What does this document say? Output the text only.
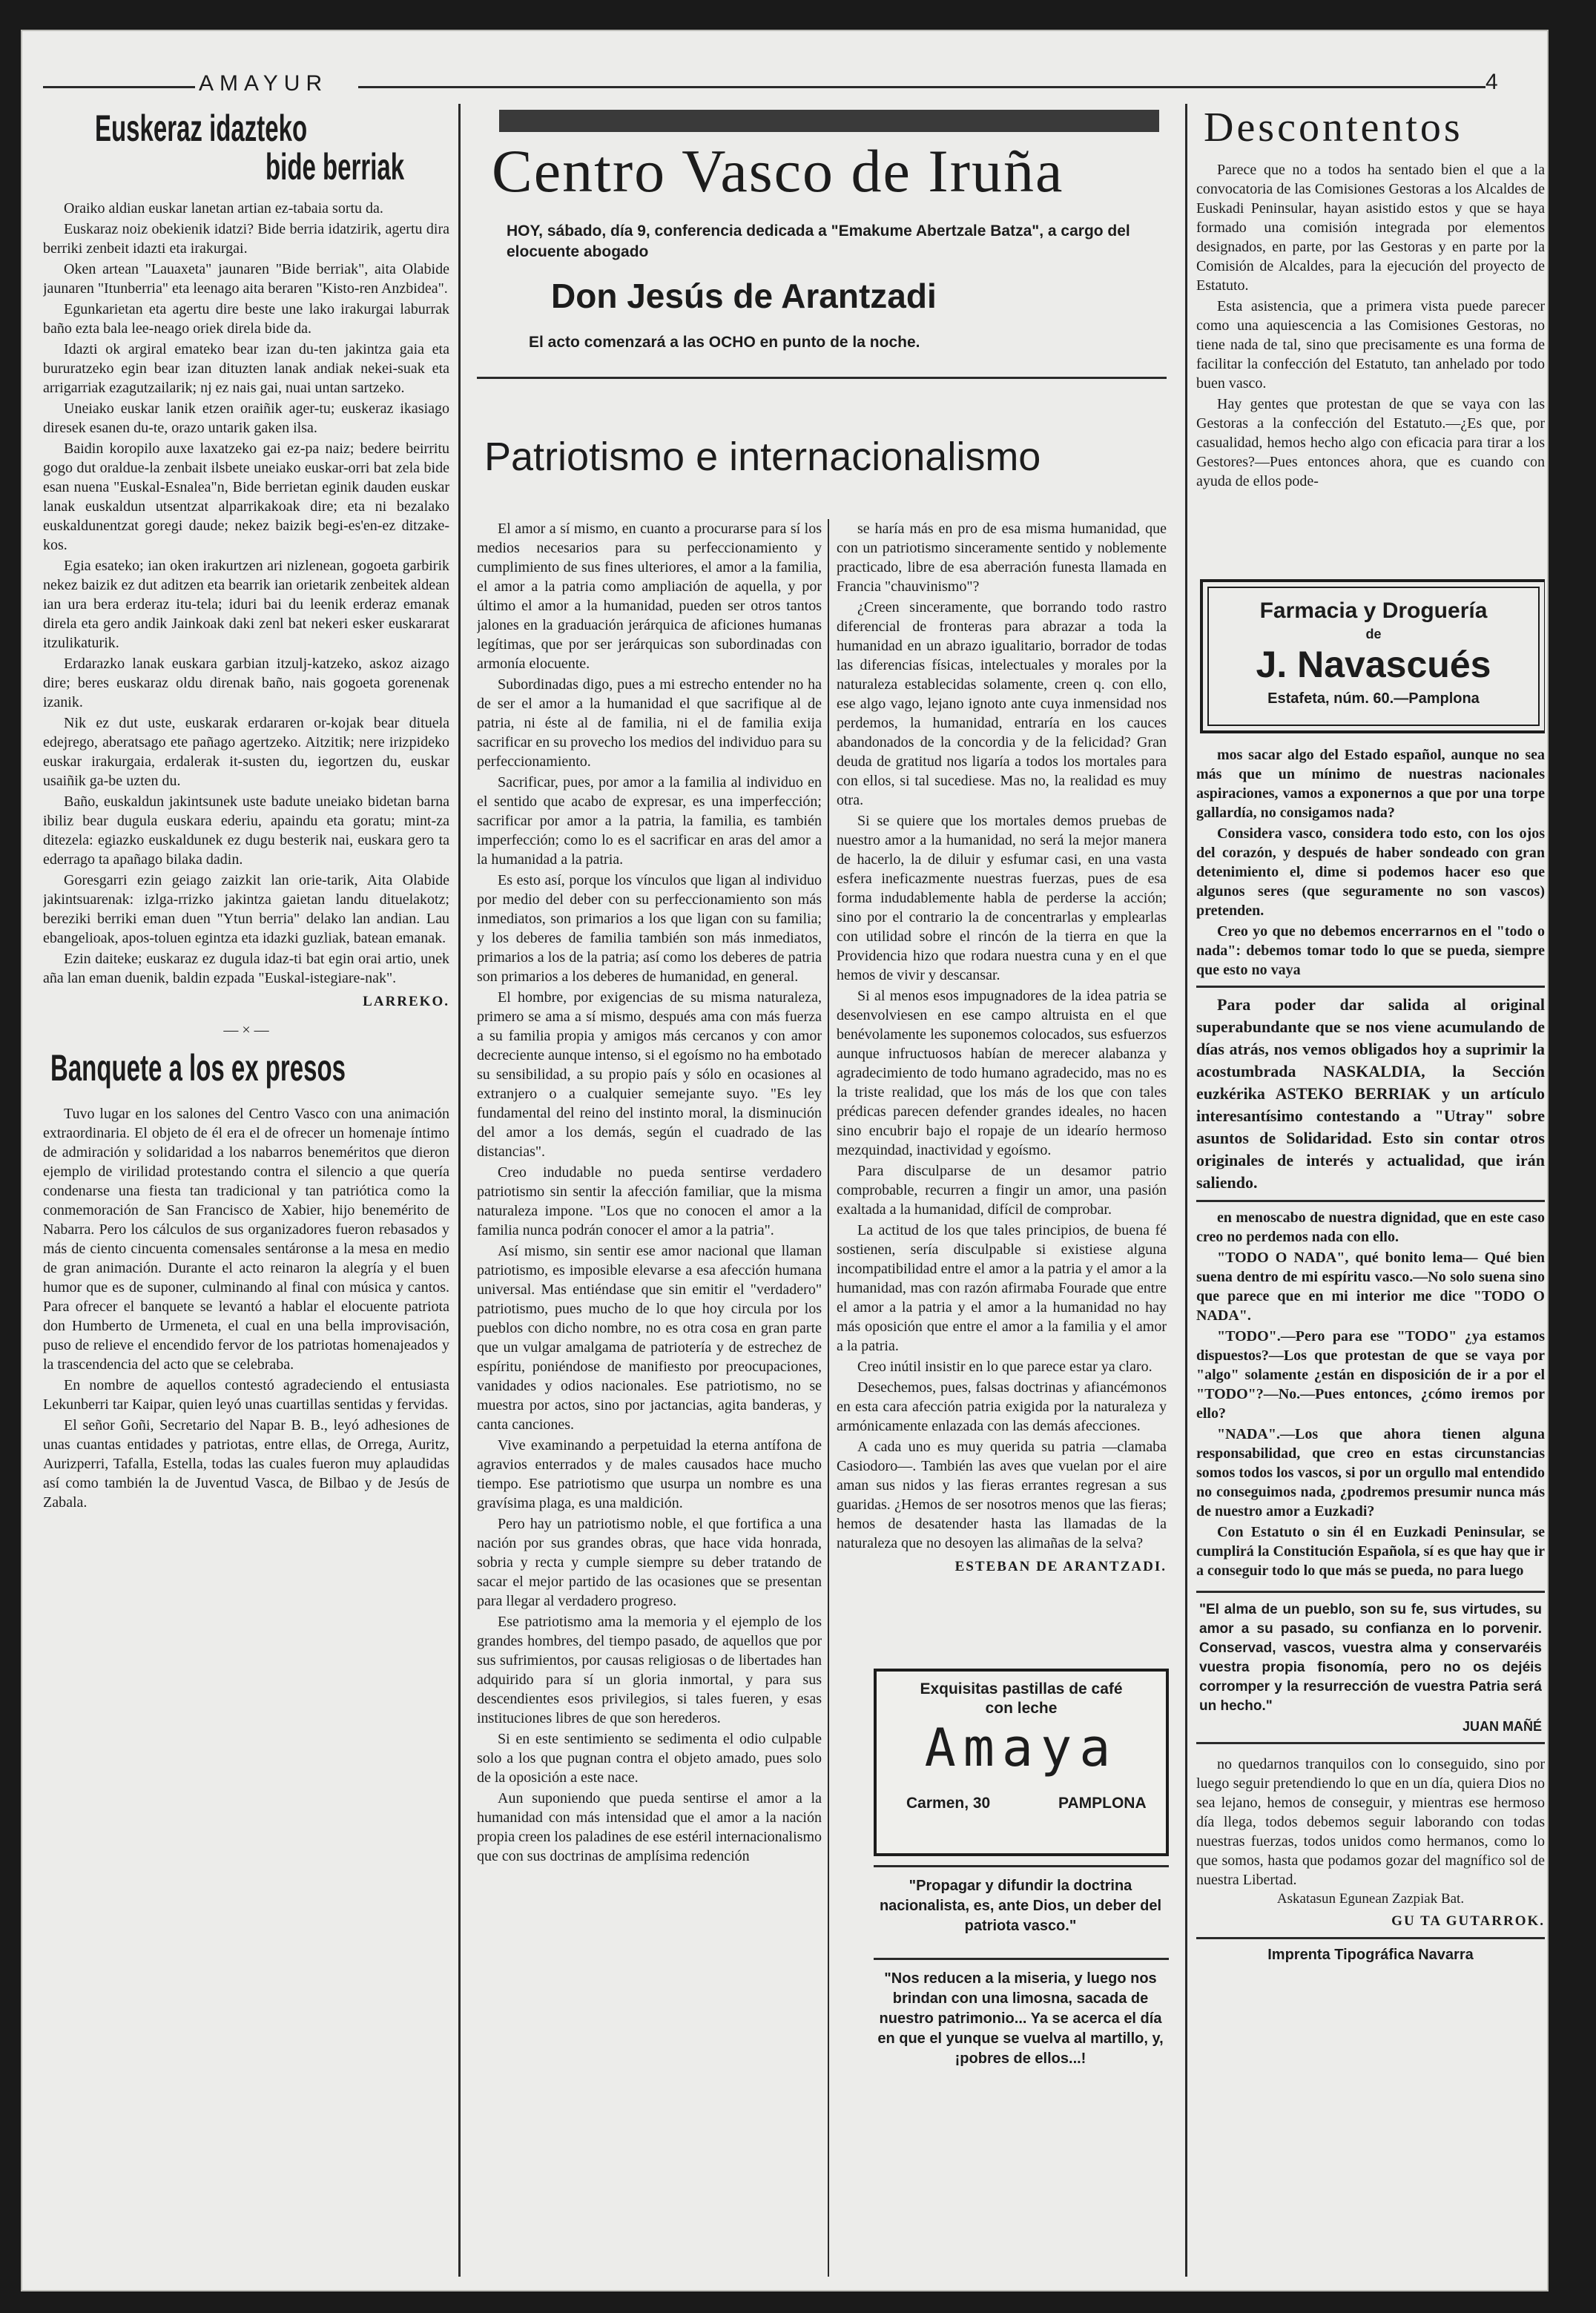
AMAYUR	4
Euskeraz idazteko
bide berriak

Oraiko aldian euskar lanetan artian ez-tabaia sortu da.

Euskaraz noiz obekienik idatzi? Bide berria idatzirik, agertu dira berriki zenbeit idazti eta irakurgai.

Oken artean "Lauaxeta" jaunaren "Bide berriak", aita Olabide jaunaren "Itunberria" eta leenago aita beraren "Kisto-ren Anzbidea".

Egunkarietan eta agertu dire beste une lako irakurgai laburrak baño ezta bala lee-neago oriek direla bide da.

Idazti ok argiral emateko bear izan du-ten jakintza gaia eta bururatzeko egin bear izan dituzten lanak andiak nekei-suak eta arrigarriak ezagutzailarik; nj ez nais gai, nuai untan sartzeko.

Uneiako euskar lanik etzen oraiñik ager-tu; euskeraz ikasiago diresek esanen du-te, orazo untarik gaken ilsa.

Baidin koropilo auxe laxatzeko gai ez-pa naiz; bedere beirritu gogo dut oraldue-la zenbait ilsbete uneiako euskar-orri bat zela bide esan nuena "Euskal-Esnalea"n, Bide berrietan eginik dauden euskar lanak euskaldun utsentzat alparrikakoak dire; eta ni bezalako euskaldunentzat goregi daude; nekez baizik begi-es'en-ez ditzake-kos.

Egia esateko; ian oken irakurtzen ari nizlenean, gogoeta garbirik nekez baizik ez dut aditzen eta bearrik ian orietarik zenbeitek aldean ian ura bera erderaz itu-tela; iduri bai du leenik erderaz emanak direla eta gero andik Jainkoak daki zenl bat nekeri esker euskararat itzulikaturik.

Erdarazko lanak euskara garbian itzulj-katzeko, askoz aizago dire; beres euskaraz oldu direnak baño, nais gogoeta gorenenak izanik.

Nik ez dut uste, euskarak erdararen or-kojak bear dituela edejrego, aberatsago ete pañago agertzeko. Aitzitik; nere irizpideko euskar irakurgaia, erdalerak it-susten du, iegortzen du, euskar usaiñik ga-be uzten du.

Baño, euskaldun jakintsunek uste badute uneiako bidetan barna ibiliz bear dugula euskara ederiu, apaindu eta goratu; mint-za ditezela: egiazko euskaldunek ez dugu besterik nai, euskara gero ta ederrago ta apañago bilaka dadin.

Goresgarri ezin geiago zaizkit lan orie-tarik, Aita Olabide jakintsuarenak: izlga-rrizko jakintza gaietan landu dituelakotz; bereziki berriki eman duen "Ytun berria" delako lan andian. Lau ebangelioak, apos-toluen egintza eta idazki guzliak, batean emanak.

Ezin daiteke; euskaraz ez dugula idaz-ti bat egin orai artio, unek aña lan eman duenik, baldin ezpada "Euskal-istegiare-nak".

LARREKO.
— × —
Banquete a los ex presos

Tuvo lugar en los salones del Centro Vasco con una animación extraordinaria. El objeto de él era el de ofrecer un homenaje íntimo de admiración y solidaridad a los nabarros beneméritos que dieron ejemplo de virilidad protestando contra el silencio a que quería condenarse una fiesta tan tradicional y tan patriótica como la conmemoración de San Francisco de Xabier, hijo benemérito de Nabarra. Pero los cálculos de sus organizadores fueron rebasados y más de ciento cincuenta comensales sentáronse a la mesa en medio de gran animación. Durante el acto reinaron la alegría y el buen humor que es de suponer, culminando al final con música y cantos. Para ofrecer el banquete se levantó a hablar el elocuente patriota don Humberto de Urmeneta, el cual en una bella improvisación, puso de relieve el encendido fervor de los patriotas homenajeados y la trascendencia del acto que se celebraba.

En nombre de aquellos contestó agradeciendo el entusiasta Lekunberri tar Kaipar, quien leyó unas cuartillas sentidas y fervidas.

El señor Goñi, Secretario del Napar B. B., leyó adhesiones de unas cuantas entidades y patriotas, entre ellas, de Orrega, Auritz, Aurizperri, Tafalla, Estella, todas las cuales fueron muy aplaudidas así como también la de Juventud Vasca, de Bilbao y de Jesús de Zabala.

Centro Vasco de Iruña
HOY, sábado, día 9, conferencia dedicada a "Emakume Abertzale Batza", a cargo del elocuente abogado
Don Jesús de Arantzadi
El acto comenzará a las OCHO en punto de la noche.
Patriotismo e internacionalismo

El amor a sí mismo, en cuanto a procurarse para sí los medios necesarios para su perfeccionamiento y cumplimiento de sus fines ulteriores, el amor a la familia, el amor a la patria como ampliación de aquella, y por último el amor a la humanidad, pueden ser otros tantos jalones en la graduación jerárquica de aficiones humanas legítimas, que por ser jerárquicas son subordinadas con armonía elocuente.

Subordinadas digo, pues a mi estrecho entender no ha de ser el amor a la humanidad el que sacrifique al de patria, ni éste al de familia, ni el de familia exija sacrificar en su provecho los medios del individuo para su perfeccionamiento.

Sacrificar, pues, por amor a la familia al individuo en el sentido que acabo de expresar, es una imperfección; sacrificar por amor a la patria, la familia, es también imperfección; como lo es el sacrificar en aras del amor a la humanidad a la patria.

Es esto así, porque los vínculos que ligan al individuo por medio del deber con su perfeccionamiento son más inmediatos, son primarios a los que ligan con su familia; y los deberes de familia también son más inmediatos, primarios a los de la patria; así como los deberes de patria son primarios a los deberes de humanidad, en general.

El hombre, por exigencias de su misma naturaleza, primero se ama a sí mismo, después ama con más fuerza a su familia propia y amigos más cercanos y con amor decreciente aunque intenso, si el egoísmo no ha embotado su sensibilidad, a su propio país y sólo en ocasiones al extranjero o a cualquier semejante suyo. "Es ley fundamental del reino del instinto moral, la disminución del amor a los demás, según el cuadrado de las distancias".

Creo indudable no pueda sentirse verdadero patriotismo sin sentir la afección familiar, que la misma naturaleza impone. "Los que no conocen el amor a la familia nunca podrán conocer el amor a la patria".

Así mismo, sin sentir ese amor nacional que llaman patriotismo, es imposible elevarse a esa afección humana universal. Mas entiéndase que sin emitir el "verdadero" patriotismo, pues mucho de lo que hoy circula por los pueblos con dicho nombre, no es otra cosa en gran parte que un vulgar amalgama de patriotería y de estrechez de espíritu, poniéndose de manifiesto por preocupaciones, vanidades y odios nacionales. Ese patriotismo, no se muestra por actos, sino por jactancias, agita banderas, y canta canciones.

Vive examinando a perpetuidad la eterna antífona de agravios enterrados y de males causados hace mucho tiempo. Ese patriotismo que usurpa un nombre es una gravísima plaga, es una maldición.

Pero hay un patriotismo noble, el que fortifica a una nación por sus grandes obras, que hace vida honrada, sobria y recta y cumple siempre su deber tratando de sacar el mejor partido de las ocasiones que se presentan para llegar al verdadero progreso.

Ese patriotismo ama la memoria y el ejemplo de los grandes hombres, del tiempo pasado, de aquellos que por sus sufrimientos, por causas religiosas o de libertades han adquirido para sí un gloria inmortal, y para sus descendientes esos privilegios, si tales fueren, y esas instituciones libres de que son herederos.

Si en este sentimiento se sedimenta el odio culpable solo a los que pugnan contra el objeto amado, pues solo de la oposición a este nace.

Aun suponiendo que pueda sentirse el amor a la humanidad con más intensidad que el amor a la nación propia creen los paladines de ese estéril internacionalismo que con sus doctrinas de amplísima redención

se haría más en pro de esa misma humanidad, que con un patriotismo sinceramente sentido y noblemente practicado, libre de esa aberración funesta llamada en Francia "chauvinismo"?

¿Creen sinceramente, que borrando todo rastro diferencial de fronteras para abrazar a toda la humanidad en un abrazo igualitario, borrador de todas las diferencias físicas, intelectuales y morales por la naturaleza establecidas solamente, creen q. con ello, ese algo vago, lejano ignoto ante cuya inmensidad nos perdemos, la humanidad, entraría en los cauces abandonados de la concordia y de la felicidad? Gran deuda de gratitud nos ligaría a todos los mortales para con ellos, si tal sucediese. Mas no, la realidad es muy otra.

Si se quiere que los mortales demos pruebas de nuestro amor a la humanidad, no será la mejor manera de hacerlo, la de diluir y esfumar casi, en una vasta esfera ineficazmente nuestras fuerzas, pues de esa forma indudablemente habla de perderse la acción; sino por el contrario la de concentrarlas y emplearlas con utilidad sobre el rincón de la tierra en que la Providencia hizo que rodara nuestra cuna y en el que hemos de vivir y descansar.

Si al menos esos impugnadores de la idea patria se desenvolviesen en ese campo altruista en el que benévolamente les suponemos colocados, sus esfuerzos aunque infructuosos habían de merecer alabanza y agradecimiento de todo humano agradecido, mas no es la triste realidad, que los más de los que con tales prédicas parecen defender grandes ideales, no hacen sino encubrir bajo el ropaje de un idearío hermoso mezquindad, inactividad y egoísmo.

Para disculparse de un desamor patrio comprobable, recurren a fingir un amor, una pasión exaltada a la humanidad, difícil de comprobar.

La actitud de los que tales principios, de buena fé sostienen, sería disculpable si existiese alguna incompatibilidad entre el amor a la patria y el amor a la humanidad, mas con razón afirmaba Fourade que entre el amor a la patria y el amor a la humanidad no hay más oposición que entre el amor a la familia y el amor a la patria.

Creo inútil insistir en lo que parece estar ya claro.

Desechemos, pues, falsas doctrinas y afiancémonos en esta cara afección patria exigida por la naturaleza y armónicamente enlazada con las demás afecciones.

A cada uno es muy querida su patria —clamaba Casiodoro—. También las aves que vuelan por el aire aman sus nidos y las fieras errantes regresan a sus guaridas. ¿Hemos de ser nosotros menos que las fieras; hemos de desatender hasta las llamadas de la naturaleza que no desoyen las alimañas de la selva?

ESTEBAN DE ARANTZADI.
Exquisitas pastillas de café
con leche
Amaya
Carmen, 30	PAMPLONA
"Propagar y difundir la doctrina nacionalista, es, ante Dios, un deber del patriota vasco."
"Nos reducen a la miseria, y luego nos brindan con una limosna, sacada de nuestro patrimonio... Ya se acerca el día en que el yunque se vuelva al martillo, y, ¡pobres de ellos...!
Descontentos

Parece que no a todos ha sentado bien el que a la convocatoria de las Comisiones Gestoras a los Alcaldes de Euskadi Peninsular, hayan asistido estos y que se haya formado una comisión integrada por elementos designados, en parte, por las Gestoras y en parte por la Comisión de Alcaldes, para la ejecución del proyecto de Estatuto.

Esta asistencia, que a primera vista puede parecer como una aquiescencia a las Comisiones Gestoras, no tiene nada de tal, sino que precisamente es una forma de facilitar la confección del Estatuto, tan anhelado por todo buen vasco.

Hay gentes que protestan de que se vaya con las Gestoras a la confección del Estatuto.—¿Es que, por casualidad, hemos hecho algo con eficacia para tirar a los Gestores?—Pues entonces ahora, que es cuando con ayuda de ellos pode-

Farmacia y Droguería
de
J. Navascués
Estafeta, núm. 60.—Pamplona

mos sacar algo del Estado español, aunque no sea más que un mínimo de nuestras nacionales aspiraciones, vamos a exponernos a que por una torpe gallardía, no consigamos nada?

Considera vasco, considera todo esto, con los ojos del corazón, y después de haber sondeado con gran detenimiento el, dime si podemos hacer eso que algunos seres (que seguramente no son vascos) pretenden.

Creo yo que no debemos encerrarnos en el "todo o nada": debemos tomar todo lo que se pueda, siempre que esto no vaya

Para poder dar salida al original superabundante que se nos viene acumulando de días atrás, nos vemos obligados hoy a suprimir la acostumbrada NASKALDIA, la Sección euzkérika ASTEKO BERRIAK y un artículo interesantísimo contestando a "Utray" sobre asuntos de Solidaridad. Esto sin contar otros originales de interés y actualidad, que irán saliendo.

en menoscabo de nuestra dignidad, que en este caso creo no perdemos nada con ello.

"TODO O NADA", qué bonito lema— Qué bien suena dentro de mi espíritu vasco.—No solo suena sino que parece que en mi interior me dice "TODO O NADA".

"TODO".—Pero para ese "TODO" ¿ya estamos dispuestos?—Los que protestan de que se vaya por "algo" solamente ¿están en disposición de ir a por el "TODO"?—No.—Pues entonces, ¿cómo iremos por ello?

"NADA".—Los que ahora tienen alguna responsabilidad, que creo en estas circunstancias somos todos los vascos, si por un orgullo mal entendido no conseguimos nada, ¿podremos presumir nunca más de nuestro amor a Euzkadi?

Con Estatuto o sin él en Euzkadi Peninsular, se cumplirá la Constitución Española, sí es que hay que ir a conseguir todo lo que más se pueda, no para luego

"El alma de un pueblo, son su fe, sus virtudes, su amor a su pasado, su confianza en lo porvenir. Conservad, vascos, vuestra alma y conservaréis vuestra propia fisonomía, pero no os dejéis corromper y la resurrección de vuestra Patria será un hecho."
JUAN MAÑÉ

no quedarnos tranquilos con lo conseguido, sino por luego seguir pretendiendo lo que en un día, quiera Dios no sea lejano, hemos de conseguir, y mientras ese hermoso día llega, todos debemos seguir laborando con todas nuestras fuerzas, todos unidos como hermanos, como lo que somos, hasta que podamos gozar del magnífico sol de nuestra Libertad.

Askatasun Egunean Zazpiak Bat.
GU TA GUTARROK.
Imprenta Tipográfica Navarra
